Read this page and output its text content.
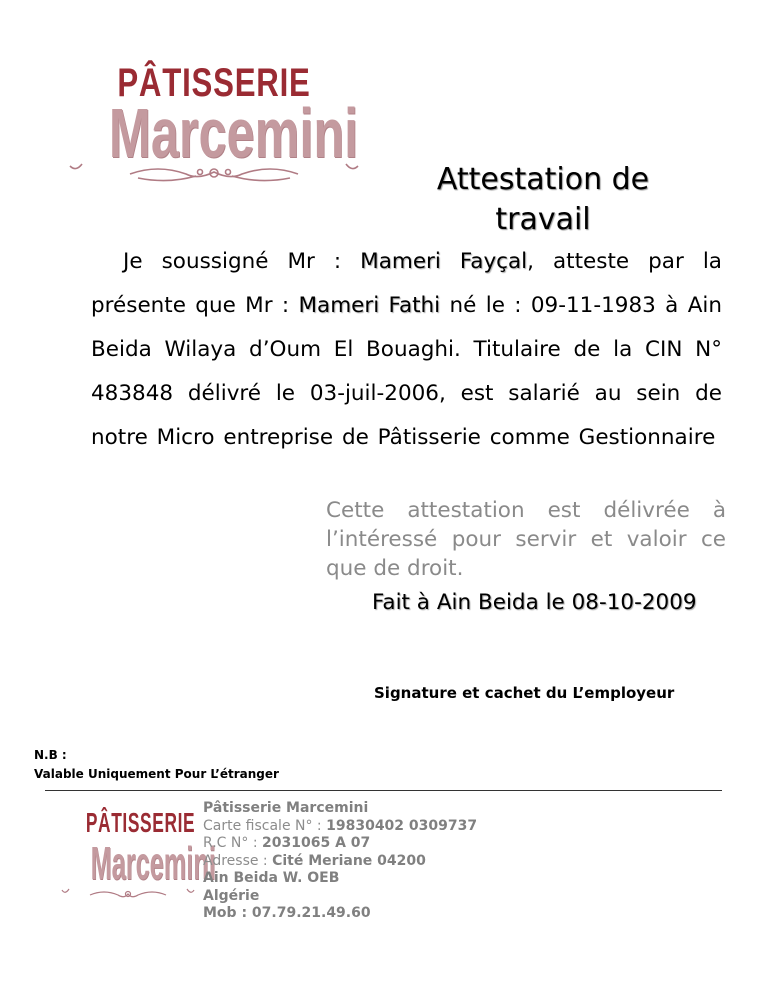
PÂTISSERIE
Marcemini
Attestation de travail
Je soussigné Mr : Mameri Fayçal, atteste par la présente que Mr : Mameri Fathi né le : 09-11-1983 à Ain Beida Wilaya d’Oum El Bouaghi. Titulaire de la CIN N° 483848 délivré le 03-juil-2006, est salarié au sein de notre Micro entreprise de Pâtisserie comme Gestionnaire
Cette attestation est délivrée à l’intéressé pour servir et valoir ce que de droit.
Fait à Ain Beida le 08-10-2009
Signature et cachet du L’employeur
N.B :
Valable Uniquement Pour L’étranger
PÂTISSERIE
Marcemini
Pâtisserie Marcemini
Carte fiscale N° : 19830402 0309737
R.C N° : 2031065 A 07
Adresse : Cité Meriane 04200
Ain Beida W. OEB
Algérie
Mob : 07.79.21.49.60
